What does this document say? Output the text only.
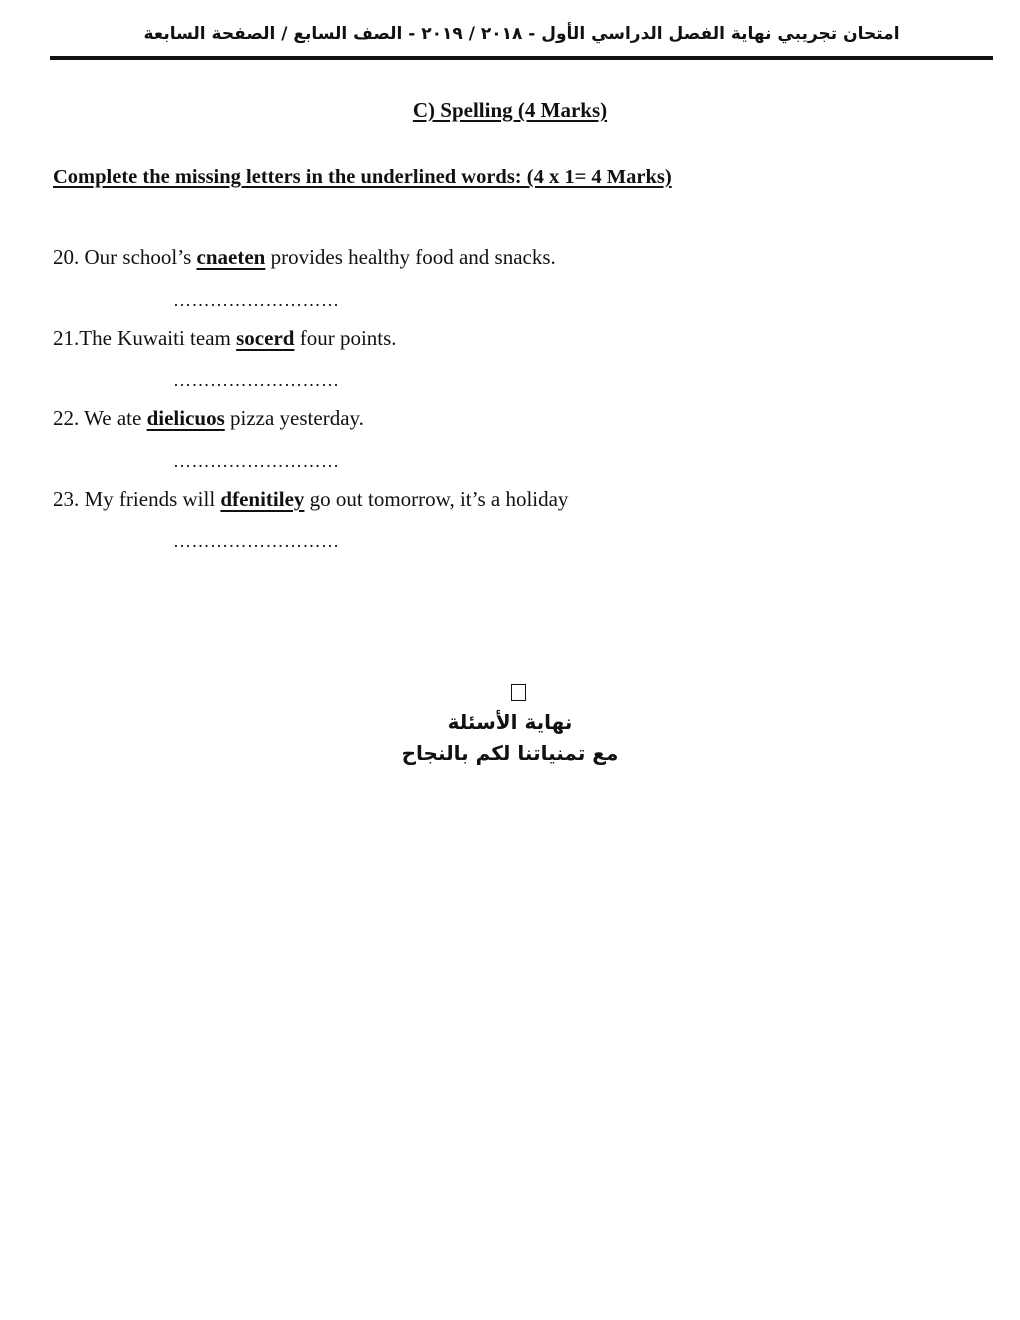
امتحان تجريبي نهاية الفصل الدراسي الأول - ٢٠١٨ / ٢٠١٩ - الصف السابع / الصفحة السابعة
C) Spelling (4 Marks)
Complete the missing letters in the underlined words: (4 x 1= 4 Marks)
20. Our school’s cnaeten provides healthy food and snacks.
………………………
21.The Kuwaiti team socerd four points.
………………………
22. We ate dielicuos pizza yesterday.
………………………
23. My friends will dfenitiley go out tomorrow, it’s a holiday
………………………
نهاية الأسئلة
مع تمنياتنا لكم بالنجاح
